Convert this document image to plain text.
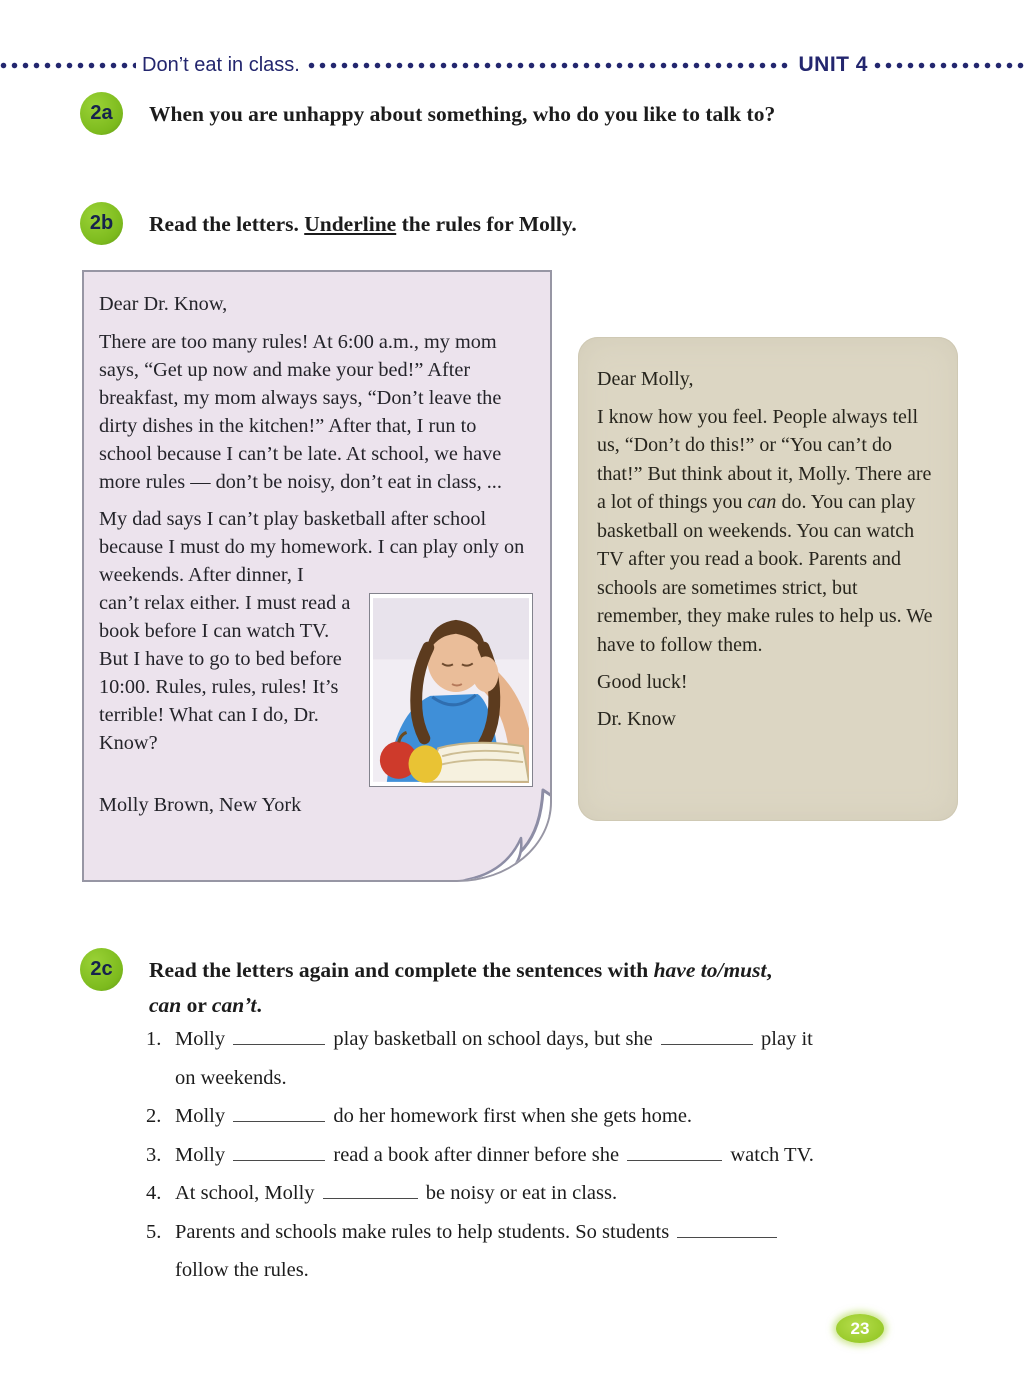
Don’t eat in class.	UNIT 4
2a	When you are unhappy about something, who do you like to talk to?
2b	Read the letters. Underline the rules for Molly.
Dear Dr. Know,

There are too many rules! At 6:00 a.m., my mom says, “Get up now and make your bed!” After breakfast, my mom always says, “Don’t leave the dirty dishes in the kitchen!” After that, I run to school because I can’t be late. At school, we have more rules — don’t be noisy, don’t eat in class, ...

My dad says I can’t play basketball after school because I must do my homework. I can play only on weekends. After dinner, I

can’t relax either. I must read a book before I can watch TV. But I have to go to bed before 10:00. Rules, rules, rules! It’s terrible! What can I do, Dr. Know?

Molly Brown, New York
Dear Molly,

I know how you feel. People always tell us, “Don’t do this!” or “You can’t do that!” But think about it, Molly. There are a lot of things you can do. You can play basketball on weekends. You can watch TV after you read a book. Parents and schools are sometimes strict, but remember, they make rules to help us. We have to follow them.

Good luck!
Dr. Know
2c	Read the letters again and complete the sentences with have to/must,
can or can’t.
1. Molly	play basketball on school days, but she	play it
on weekends.
2. Molly	do her homework first when she gets home.
3. Molly	read a book after dinner before she	watch TV.
4. At school, Molly	be noisy or eat in class.
5. Parents and schools make rules to help students. So students
follow the rules.
23
